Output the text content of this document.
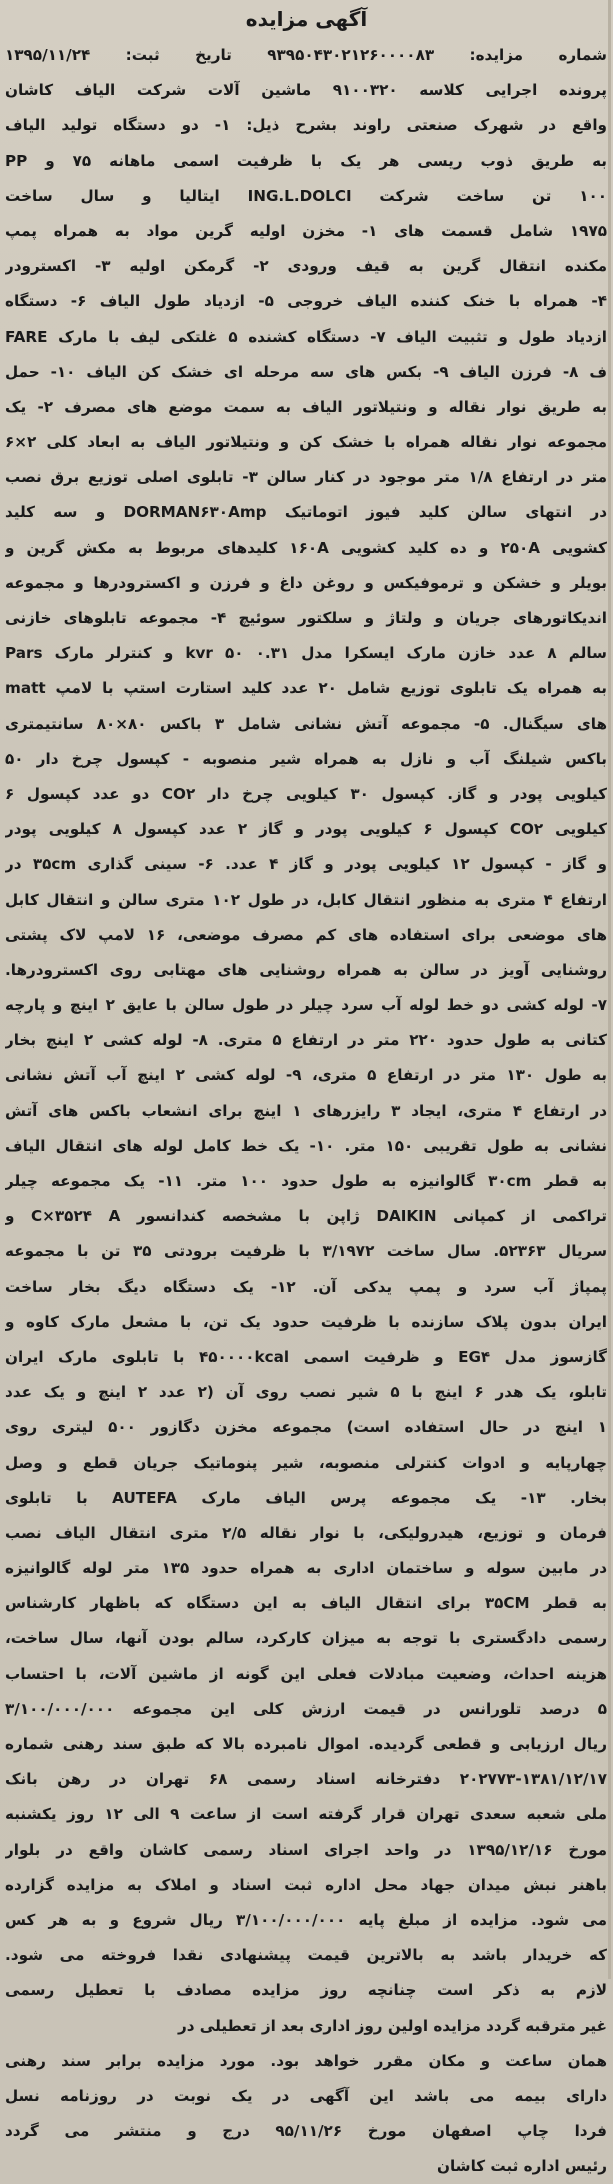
آگهی مزایده
شماره مزایده: ۹۳۹۵۰۴۳۰۲۱۲۶۰۰۰۰۸۳ تاریخ ثبت: ۱۳۹۵/۱۱/۲۴
پرونده اجرایی کلاسه ۹۱۰۰۳۲۰ ماشین آلات شرکت الیاف کاشان
واقع در شهرک صنعتی راوند بشرح ذیل: ۱- دو دستگاه تولید الیاف
PP به طریق ذوب ریسی هر یک با ظرفیت اسمی ماهانه ۷۵ و
۱۰۰ تن ساخت شرکت ING.L.DOLCI ایتالیا و سال ساخت
۱۹۷۵ شامل قسمت های ۱- مخزن اولیه گرین مواد به همراه پمپ
مکنده انتقال گرین به قیف ورودی ۲- گرمکن اولیه ۳- اکسترودر
۴- همراه با خنک کننده الیاف خروجی ۵- ازدیاد طول الیاف ۶- دستگاه
ازدیاد طول و تثبیت الیاف ۷- دستگاه کشنده ۵ غلتکی لیف با مارک FARE
ف ۸- فرزن الیاف ۹- بکس های سه مرحله ای خشک کن الیاف ۱۰- حمل
به طریق نوار نقاله و ونتیلاتور الیاف به سمت موضع های مصرف ۲- یک
مجموعه نوار نقاله همراه با خشک کن و ونتیلاتور الیاف به ابعاد کلی ۲×۶
متر در ارتفاع ۱/۸ متر موجود در کنار سالن ۳- تابلوی اصلی توزیع برق نصب
در انتهای سالن کلید فیوز اتوماتیک DORMAN۶۳۰Amp و سه کلید
کشویی ۲۵۰A و ده کلید کشویی ۱۶۰A کلیدهای مربوط به مکش گرین و
بویلر و خشکن و ترموفیکس و روغن داغ و فرزن و اکسترودرها و مجموعه
اندیکاتورهای جریان و ولتاژ و سلکتور سوئیچ ۴- مجموعه تابلوهای خازنی
سالم ۸ عدد خازن مارک ایسکرا مدل ۰.۳۱ kvr ۵۰ و کنترلر مارک Pars
matt به همراه یک تابلوی توزیع شامل ۲۰ عدد کلید استارت استپ با لامپ
های سیگنال. ۵- مجموعه آتش نشانی شامل ۳ باکس ۸۰×۸۰ سانتیمتری
باکس شیلنگ آب و نازل به همراه شیر منصوبه - کپسول چرخ دار ۵۰
کیلویی پودر و گاز. کپسول ۳۰ کیلویی چرخ دار CO۲ دو عدد کپسول ۶
کیلویی CO۲ کپسول ۶ کیلویی پودر و گاز ۲ عدد کپسول ۸ کیلویی پودر
و گاز - کپسول ۱۲ کیلویی پودر و گاز ۴ عدد. ۶- سینی گذاری ۳۵cm در
ارتفاع ۴ متری به منظور انتقال کابل، در طول ۱۰۲ متری سالن و انتقال کابل
های موضعی برای استفاده های کم مصرف موضعی، ۱۶ لامپ لاک پشتی
روشنایی آویز در سالن به همراه روشنایی های مهتابی روی اکسترودرها.
۷- لوله کشی دو خط لوله آب سرد چیلر در طول سالن با عایق ۲ اینچ و پارچه
کتانی به طول حدود ۲۲۰ متر در ارتفاع ۵ متری. ۸- لوله کشی ۲ اینچ بخار
به طول ۱۳۰ متر در ارتفاع ۵ متری، ۹- لوله کشی ۲ اینچ آب آتش نشانی
در ارتفاع ۴ متری، ایجاد ۳ رایزرهای ۱ اینچ برای انشعاب باکس های آتش
نشانی به طول تقریبی ۱۵۰ متر. ۱۰- یک خط کامل لوله های انتقال الیاف
به قطر ۳۰cm گالوانیزه به طول حدود ۱۰۰ متر. ۱۱- یک مجموعه چیلر
تراکمی از کمپانی DAIKIN ژاپن با مشخصه کندانسور C×۳۵۲۴ A و
سریال ۵۲۳۶۳. سال ساخت ۳/۱۹۷۲ با ظرفیت برودتی ۳۵ تن با مجموعه
پمپاژ آب سرد و پمپ یدکی آن. ۱۲- یک دستگاه دیگ بخار ساخت
ایران بدون پلاک سازنده با ظرفیت حدود یک تن، با مشعل مارک کاوه و
گازسوز مدل EG۴ و ظرفیت اسمی ۴۵۰۰۰۰kcal با تابلوی مارک ایران
تابلو، یک هدر ۶ اینچ با ۵ شیر نصب روی آن (۲ عدد ۲ اینچ و یک عدد
۱ اینچ در حال استفاده است) مجموعه مخزن دگازور ۵۰۰ لیتری روی
چهارپایه و ادوات کنترلی منصوبه، شیر پنوماتیک جریان قطع و وصل
بخار. ۱۳- یک مجموعه پرس الیاف مارک AUTEFA با تابلوی
فرمان و توزیع، هیدرولیکی، با نوار نقاله ۲/۵ متری انتقال الیاف نصب
در مابین سوله و ساختمان اداری به همراه حدود ۱۳۵ متر لوله گالوانیزه
به قطر ۳۵CM برای انتقال الیاف به این دستگاه که باظهار کارشناس
رسمی دادگستری با توجه به میزان کارکرد، سالم بودن آنها، سال ساخت،
هزینه احداث، وضعیت مبادلات فعلی این گونه از ماشین آلات، با احتساب
۵ درصد تلورانس در قیمت ارزش کلی این مجموعه ۳/۱۰۰/۰۰۰/۰۰۰
ریال ارزیابی و قطعی گردیده. اموال نامبرده بالا که طبق سند رهنی شماره
۲۰۲۷۷۳-۱۳۸۱/۱۲/۱۷ دفترخانه اسناد رسمی ۶۸ تهران در رهن بانک
ملی شعبه سعدی تهران قرار گرفته است از ساعت ۹ الی ۱۲ روز یکشنبه
مورخ ۱۳۹۵/۱۲/۱۶ در واحد اجرای اسناد رسمی کاشان واقع در بلوار
باهنر نبش میدان جهاد محل اداره ثبت اسناد و املاک به مزایده گزارده
می شود. مزایده از مبلغ پایه ۳/۱۰۰/۰۰۰/۰۰۰ ریال شروع و به هر کس
که خریدار باشد به بالاترین قیمت پیشنهادی نقدا فروخته می شود.
لازم به ذکر است چنانچه روز مزایده مصادف با تعطیل رسمی
غیر مترقبه گردد مزایده اولین روز اداری بعد از تعطیلی در
همان ساعت و مکان مقرر خواهد بود. مورد مزایده برابر سند رهنی
دارای بیمه می باشد این آگهی در یک نوبت در روزنامه نسل
فردا چاپ اصفهان مورخ ۹۵/۱۱/۲۶ درج و منتشر می گردد
رئیس اداره ثبت کاشان
